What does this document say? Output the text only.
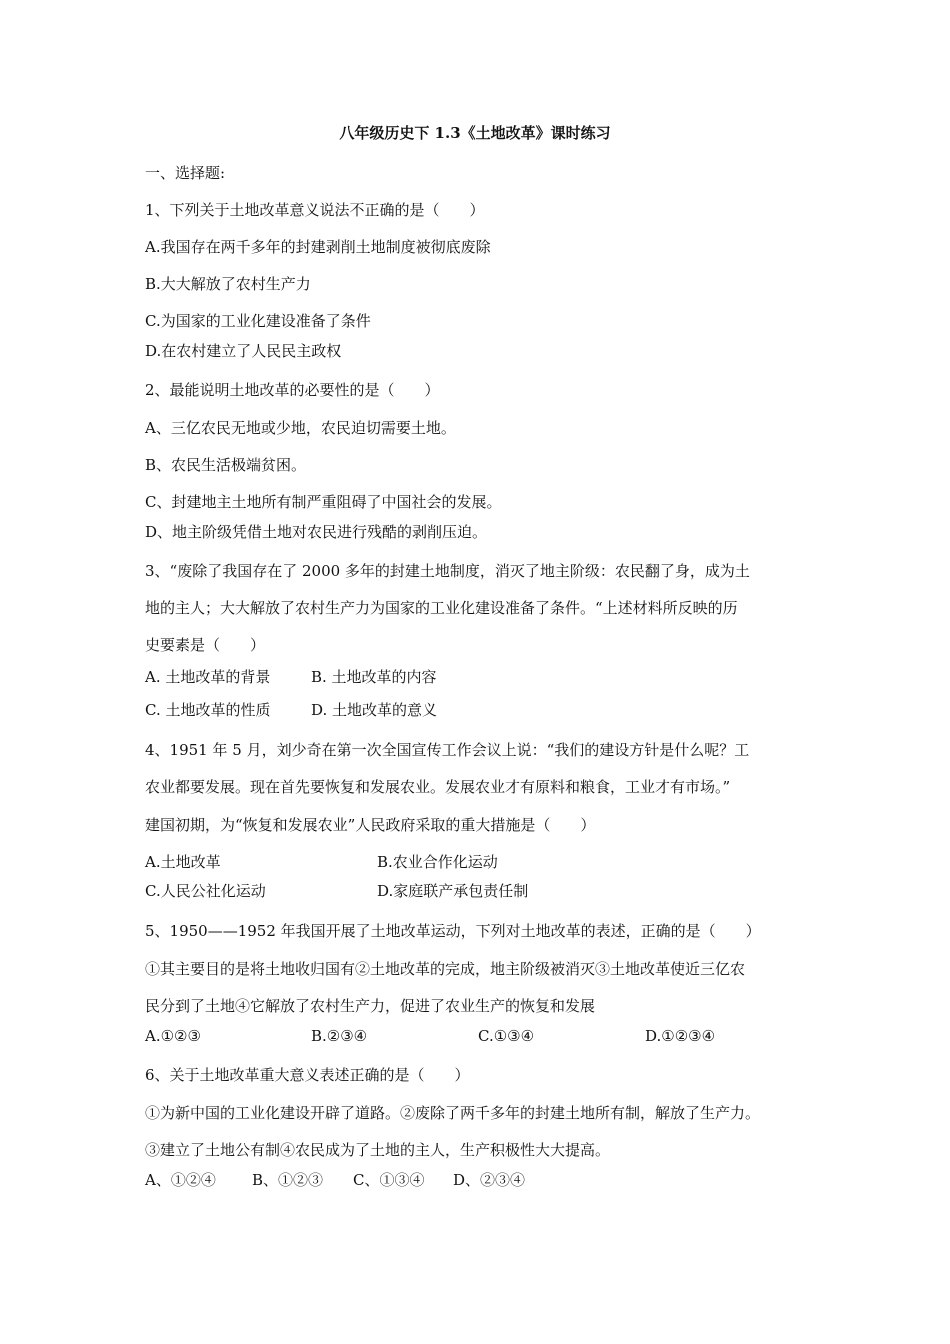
八年级历史下 1.3《土地改革》课时练习
一、选择题:
1、下列关于土地改革意义说法不正确的是（　　）
A.我国存在两千多年的封建剥削土地制度被彻底废除
B.大大解放了农村生产力
C.为国家的工业化建设准备了条件
D.在农村建立了人民民主政权
2、最能说明土地改革的必要性的是（　　）
A、三亿农民无地或少地，农民迫切需要土地。
B、农民生活极端贫困。
C、封建地主土地所有制严重阻碍了中国社会的发展。
D、地主阶级凭借土地对农民进行残酷的剥削压迫。
3、“废除了我国存在了 2000 多年的封建土地制度，消灭了地主阶级：农民翻了身，成为土
地的主人；大大解放了农村生产力为国家的工业化建设准备了条件。“上述材料所反映的历
史要素是（　　）
A. 土地改革的背景	B. 土地改革的内容
C. 土地改革的性质	D. 土地改革的意义
4、1951 年 5 月，刘少奇在第一次全国宣传工作会议上说：“我们的建设方针是什么呢？工
农业都要发展。现在首先要恢复和发展农业。发展农业才有原料和粮食，工业才有市场。”
建国初期，为“恢复和发展农业”人民政府采取的重大措施是（　　）
A.土地改革	B.农业合作化运动
C.人民公社化运动	D.家庭联产承包责任制
5、1950——1952 年我国开展了土地改革运动，下列对土地改革的表述，正确的是（　　）
①其主要目的是将土地收归国有②土地改革的完成，地主阶级被消灭③土地改革使近三亿农
民分到了土地④它解放了农村生产力，促进了农业生产的恢复和发展
A.①②③	B.②③④	C.①③④	D.①②③④
6、关于土地改革重大意义表述正确的是（　　）
①为新中国的工业化建设开辟了道路。②废除了两千多年的封建土地所有制，解放了生产力。
③建立了土地公有制④农民成为了土地的主人，生产积极性大大提高。
A、①②④ B、①②③ C、①③④ D、②③④
